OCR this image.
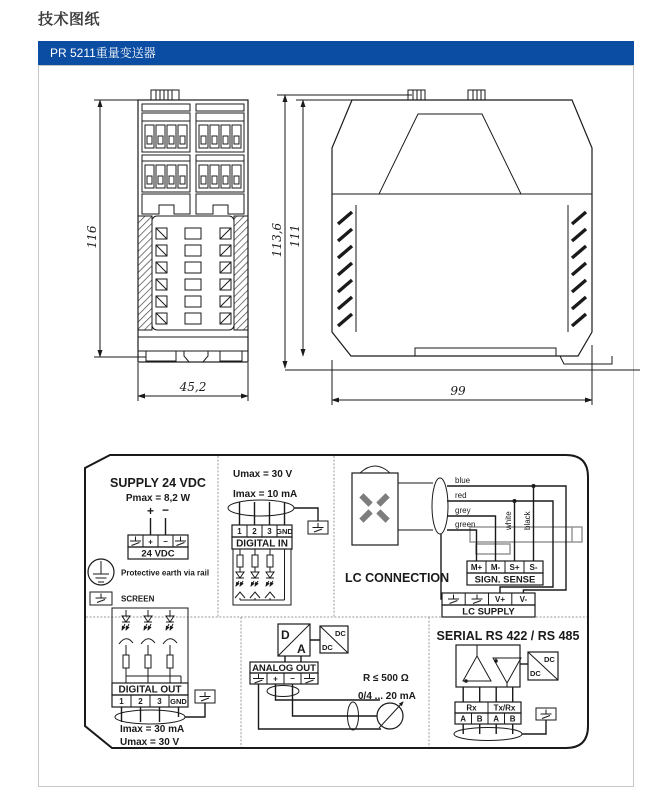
技术图纸
PR 5211重量变送器
116
45,2
113,6 111
99
SUPPLY 24 VDC
Pmax = 8,2 W
+ −
+ −
24 VDC
Protective earth via rail
SCREEN
Umax = 30 V
Imax = 10 mA
1 2 3 GND
DIGITAL IN
blue
red
grey
green	white black
LC CONNECTION
M+ M- S+ S-
SIGN. SENSE
V+ V-
LC SUPPLY
DIGITAL OUT
1 2 3 GND
Imax = 30 mA
Umax = 30 V
D
A
DC
DC
ANALOG OUT
+ −	R ≤ 500 Ω
0/4 ... 20 mA
SERIAL RS 422 / RS 485
DC
DC
Rx Tx/Rx
A B A B
